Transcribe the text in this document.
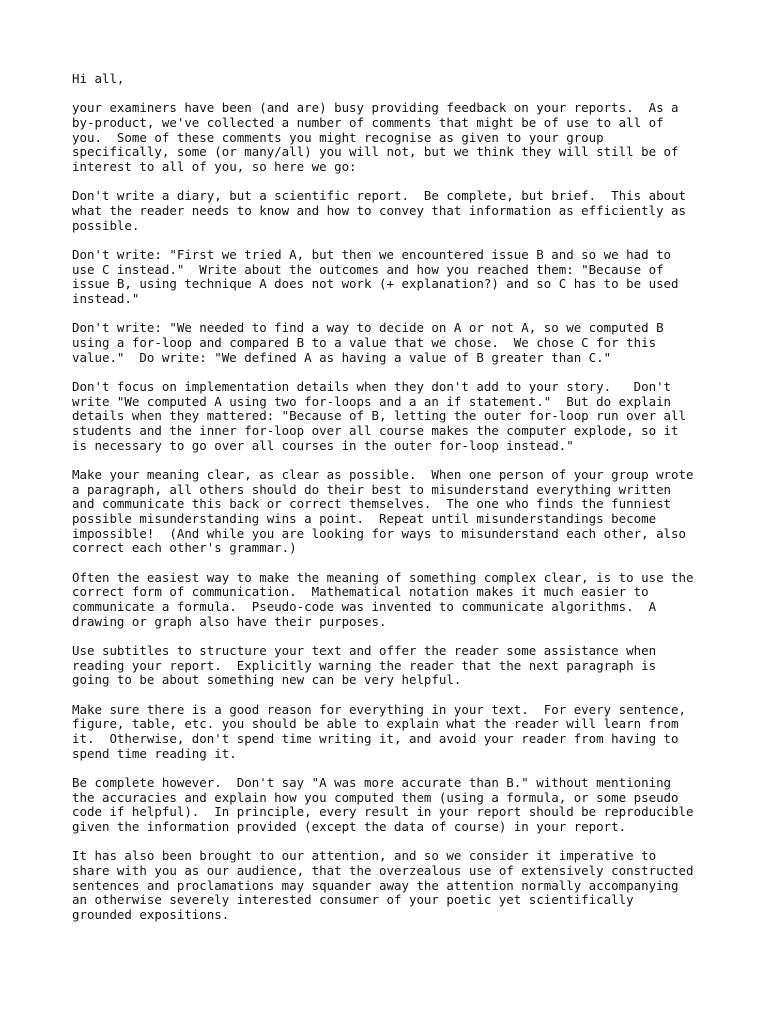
Hi all,

your examiners have been (and are) busy providing feedback on your reports.  As a
by-product, we've collected a number of comments that might be of use to all of
you.  Some of these comments you might recognise as given to your group
specifically, some (or many/all) you will not, but we think they will still be of
interest to all of you, so here we go:

Don't write a diary, but a scientific report.  Be complete, but brief.  This about
what the reader needs to know and how to convey that information as efficiently as
possible.

Don't write: "First we tried A, but then we encountered issue B and so we had to
use C instead."  Write about the outcomes and how you reached them: "Because of
issue B, using technique A does not work (+ explanation?) and so C has to be used
instead."

Don't write: "We needed to find a way to decide on A or not A, so we computed B
using a for-loop and compared B to a value that we chose.  We chose C for this
value."  Do write: "We defined A as having a value of B greater than C."

Don't focus on implementation details when they don't add to your story.   Don't
write "We computed A using two for-loops and a an if statement."  But do explain
details when they mattered: "Because of B, letting the outer for-loop run over all
students and the inner for-loop over all course makes the computer explode, so it
is necessary to go over all courses in the outer for-loop instead."

Make your meaning clear, as clear as possible.  When one person of your group wrote
a paragraph, all others should do their best to misunderstand everything written
and communicate this back or correct themselves.  The one who finds the funniest
possible misunderstanding wins a point.  Repeat until misunderstandings become
impossible!  (And while you are looking for ways to misunderstand each other, also
correct each other's grammar.)

Often the easiest way to make the meaning of something complex clear, is to use the
correct form of communication.  Mathematical notation makes it much easier to
communicate a formula.  Pseudo-code was invented to communicate algorithms.  A
drawing or graph also have their purposes.

Use subtitles to structure your text and offer the reader some assistance when
reading your report.  Explicitly warning the reader that the next paragraph is
going to be about something new can be very helpful.

Make sure there is a good reason for everything in your text.  For every sentence,
figure, table, etc. you should be able to explain what the reader will learn from
it.  Otherwise, don't spend time writing it, and avoid your reader from having to
spend time reading it.

Be complete however.  Don't say "A was more accurate than B." without mentioning
the accuracies and explain how you computed them (using a formula, or some pseudo
code if helpful).  In principle, every result in your report should be reproducible
given the information provided (except the data of course) in your report.

It has also been brought to our attention, and so we consider it imperative to
share with you as our audience, that the overzealous use of extensively constructed
sentences and proclamations may squander away the attention normally accompanying
an otherwise severely interested consumer of your poetic yet scientifically
grounded expositions.
